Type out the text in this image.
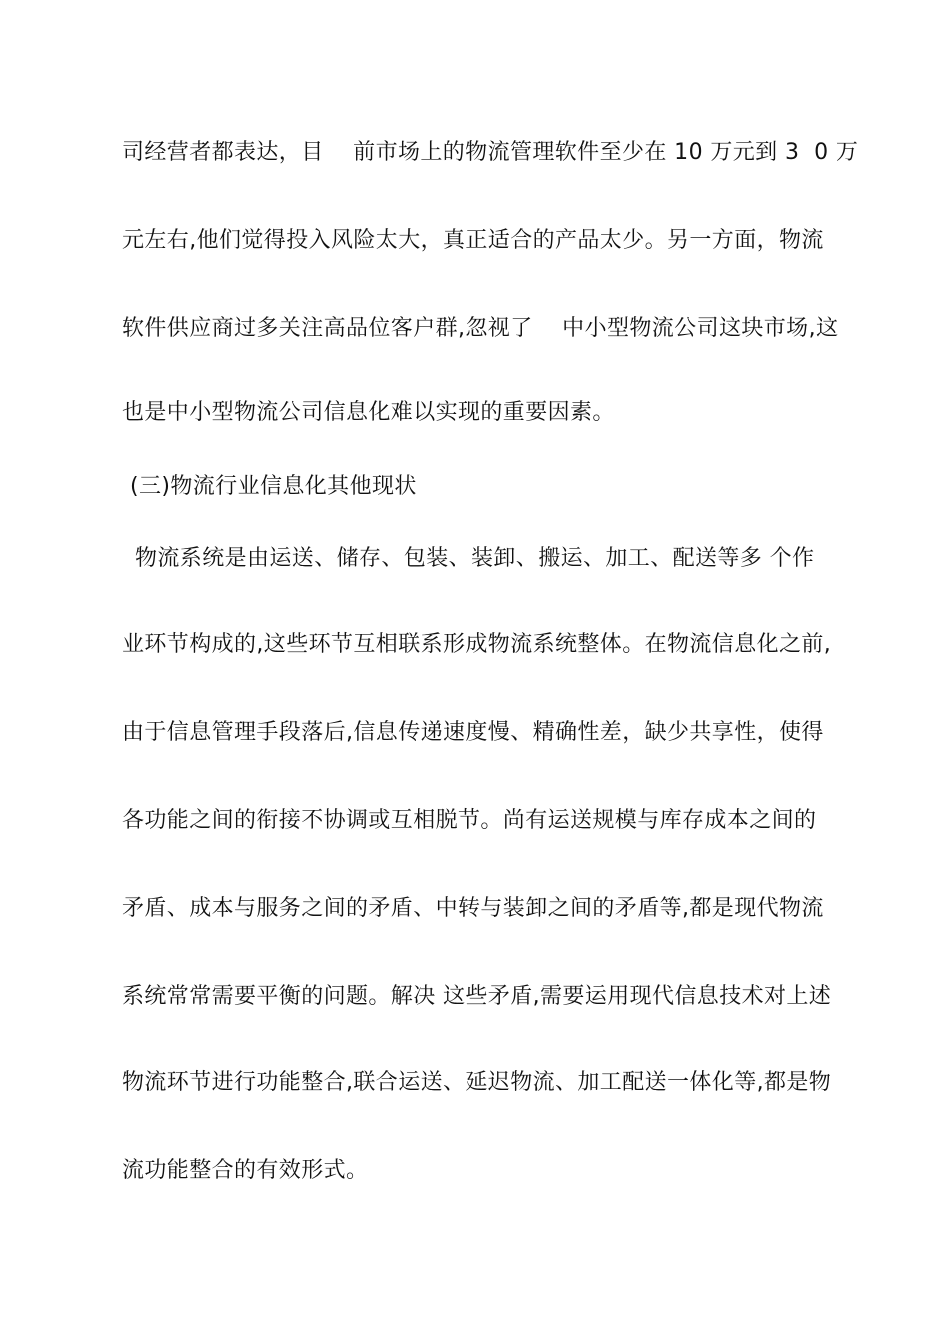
司经营者都表达，目    前市场上的物流管理软件至少在 10 万元到 3  0 万
元左右,他们觉得投入风险太大，真正适合的产品太少。另一方面，物流
软件供应商过多关注高品位客户群,忽视了    中小型物流公司这块市场,这
也是中小型物流公司信息化难以实现的重要因素。
(三)物流行业信息化其他现状
物流系统是由运送、储存、包装、装卸、搬运、加工、配送等多 个作
业环节构成的,这些环节互相联系形成物流系统整体。在物流信息化之前,
由于信息管理手段落后,信息传递速度慢、精确性差，缺少共享性，使得
各功能之间的衔接不协调或互相脱节。尚有运送规模与库存成本之间的
矛盾、成本与服务之间的矛盾、中转与装卸之间的矛盾等,都是现代物流
系统常常需要平衡的问题。解决 这些矛盾,需要运用现代信息技术对上述
物流环节进行功能整合,联合运送、延迟物流、加工配送一体化等,都是物
流功能整合的有效形式。
